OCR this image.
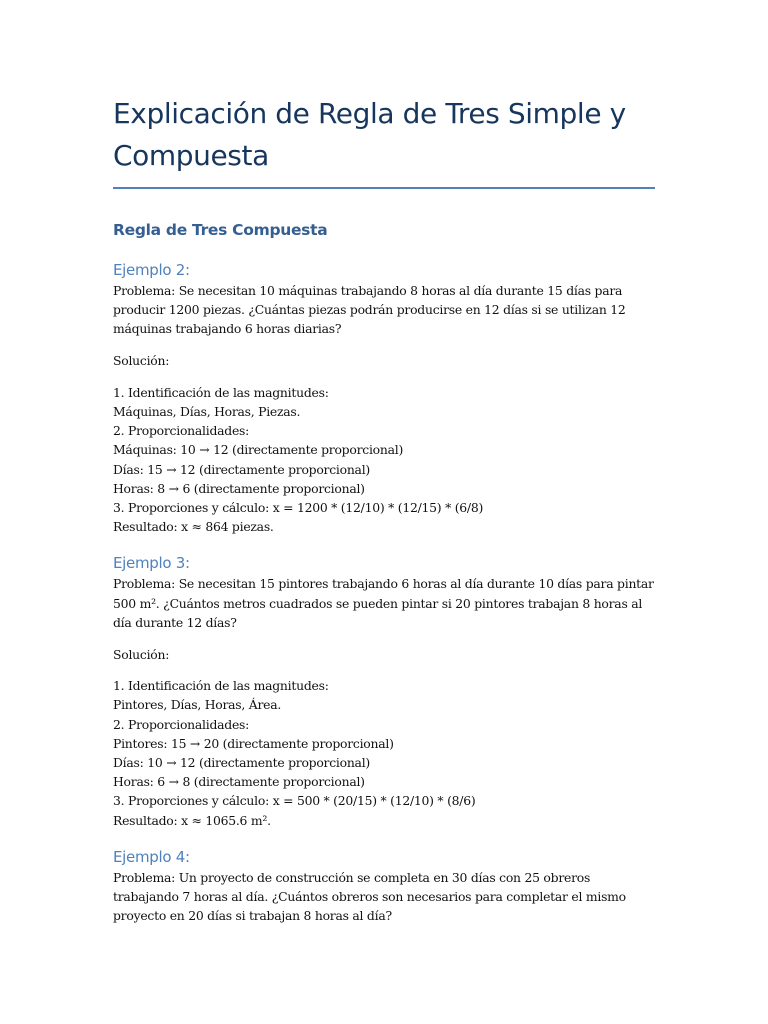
Explicación de Regla de Tres Simple y Compuesta
Regla de Tres Compuesta
Ejemplo 2:

Problema: Se necesitan 10 máquinas trabajando 8 horas al día durante 15 días para producir 1200 piezas. ¿Cuántas piezas podrán producirse en 12 días si se utilizan 12 máquinas trabajando 6 horas diarias?

Solución:

1. Identificación de las magnitudes:
Máquinas, Días, Horas, Piezas.
2. Proporcionalidades:
Máquinas: 10 → 12 (directamente proporcional)
Días: 15 → 12 (directamente proporcional)
Horas: 8 → 6 (directamente proporcional)
3. Proporciones y cálculo: x = 1200 * (12/10) * (12/15) * (6/8)
Resultado: x ≈ 864 piezas.
Ejemplo 3:

Problema: Se necesitan 15 pintores trabajando 6 horas al día durante 10 días para pintar 500 m². ¿Cuántos metros cuadrados se pueden pintar si 20 pintores trabajan 8 horas al día durante 12 días?

Solución:

1. Identificación de las magnitudes:
Pintores, Días, Horas, Área.
2. Proporcionalidades:
Pintores: 15 → 20 (directamente proporcional)
Días: 10 → 12 (directamente proporcional)
Horas: 6 → 8 (directamente proporcional)
3. Proporciones y cálculo: x = 500 * (20/15) * (12/10) * (8/6)
Resultado: x ≈ 1065.6 m².
Ejemplo 4:

Problema: Un proyecto de construcción se completa en 30 días con 25 obreros trabajando 7 horas al día. ¿Cuántos obreros son necesarios para completar el mismo proyecto en 20 días si trabajan 8 horas al día?
